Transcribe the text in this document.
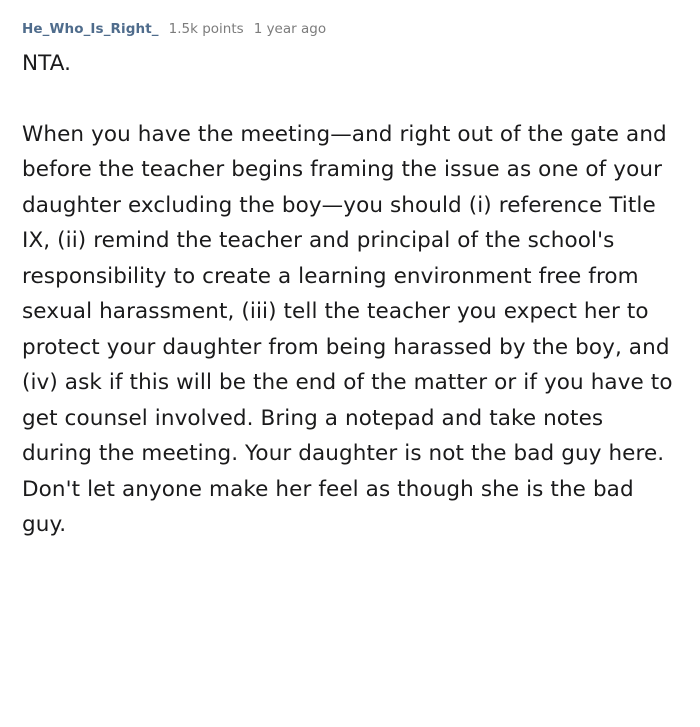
He_Who_Is_Right_ 1.5k points 1 year ago

NTA.

When you have the meeting—and right out of the gate and before the teacher begins framing the issue as one of your daughter excluding the boy—you should (i) reference Title IX, (ii) remind the teacher and principal of the school's responsibility to create a learning environment free from sexual harassment, (iii) tell the teacher you expect her to protect your daughter from being harassed by the boy, and (iv) ask if this will be the end of the matter or if you have to get counsel involved. Bring a notepad and take notes during the meeting. Your daughter is not the bad guy here. Don't let anyone make her feel as though she is the bad guy.
